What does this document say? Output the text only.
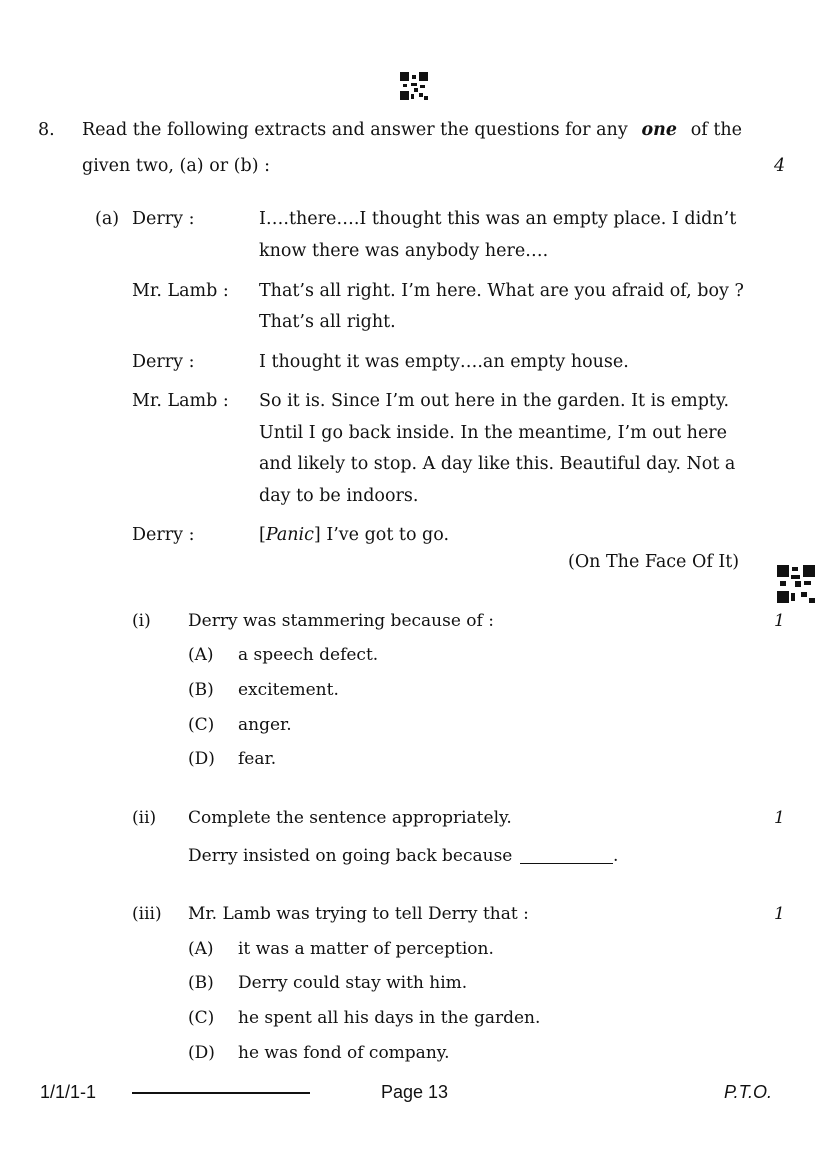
8. Read the following extracts and answer the questions for any one of the
given two, (a) or (b) :	4
(a) Derry :	I….there….I thought this was an empty place. I didn’t
know there was anybody here….
Mr. Lamb : That’s all right. I’m here. What are you afraid of, boy ?
That’s all right.
Derry :	I thought it was empty….an empty house.
Mr. Lamb : So it is. Since I’m out here in the garden. It is empty.
Until I go back inside. In the meantime, I’m out here
and likely to stop. A day like this. Beautiful day. Not a
day to be indoors.
Derry :	[Panic] I’ve got to go.
(On The Face Of It)
(i) Derry was stammering because of :	1
(A) a speech defect.
(B) excitement.
(C) anger.
(D) fear.
(ii) Complete the sentence appropriately.	1
Derry insisted on going back because	.
(iii) Mr. Lamb was trying to tell Derry that :	1
(A) it was a matter of perception.
(B) Derry could stay with him.
(C) he spent all his days in the garden.
(D) he was fond of company.
1/1/1-1	Page 13	P.T.O.
